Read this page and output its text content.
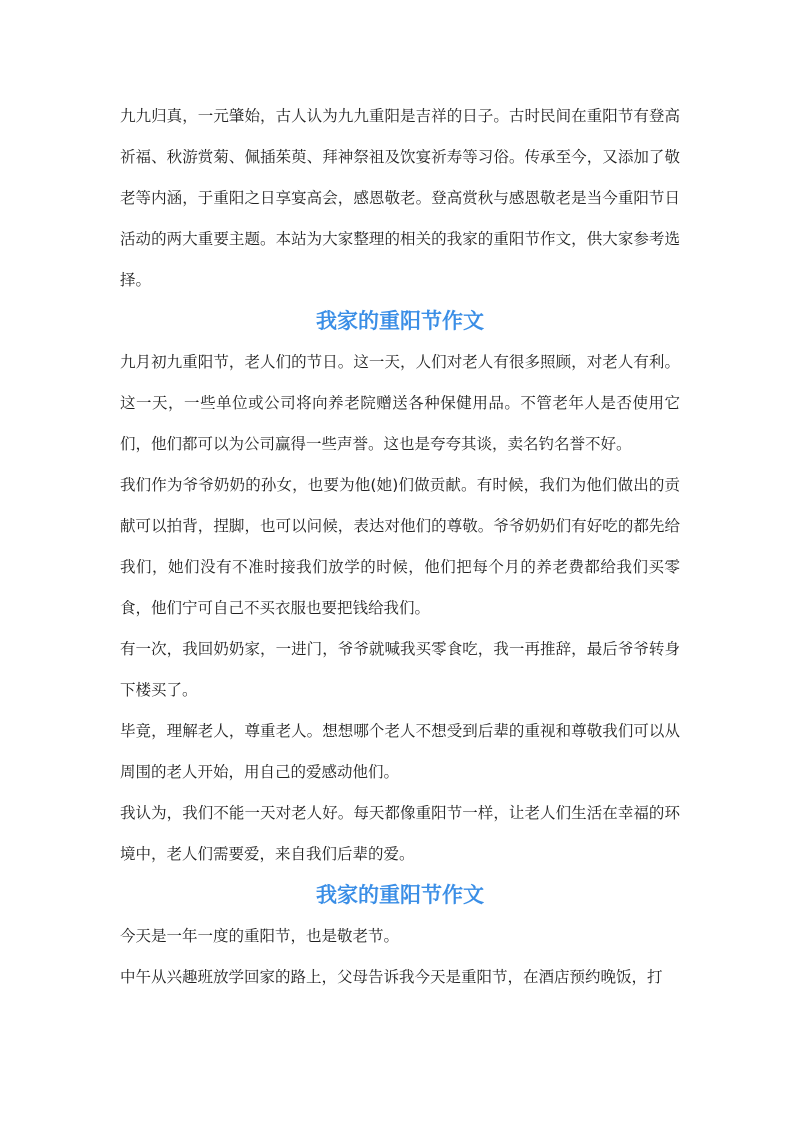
九九归真，一元肇始，古人认为九九重阳是吉祥的日子。古时民间在重阳节有登高祈福、秋游赏菊、佩插茱萸、拜神祭祖及饮宴祈寿等习俗。传承至今，又添加了敬老等内涵，于重阳之日享宴高会，感恩敬老。登高赏秋与感恩敬老是当今重阳节日活动的两大重要主题。本站为大家整理的相关的我家的重阳节作文，供大家参考选择。

我家的重阳节作文

九月初九重阳节，老人们的节日。这一天，人们对老人有很多照顾，对老人有利。这一天，一些单位或公司将向养老院赠送各种保健用品。不管老年人是否使用它们，他们都可以为公司赢得一些声誉。这也是夸夸其谈，卖名钓名誉不好。

我们作为爷爷奶奶的孙女，也要为他(她)们做贡献。有时候，我们为他们做出的贡献可以拍背，捏脚，也可以问候，表达对他们的尊敬。爷爷奶奶们有好吃的都先给我们，她们没有不准时接我们放学的时候，他们把每个月的养老费都给我们买零食，他们宁可自己不买衣服也要把钱给我们。

有一次，我回奶奶家，一进门，爷爷就喊我买零食吃，我一再推辞，最后爷爷转身下楼买了。

毕竟，理解老人，尊重老人。想想哪个老人不想受到后辈的重视和尊敬我们可以从周围的老人开始，用自己的爱感动他们。

我认为，我们不能一天对老人好。每天都像重阳节一样，让老人们生活在幸福的环境中，老人们需要爱，来自我们后辈的爱。

我家的重阳节作文

今天是一年一度的重阳节，也是敬老节。

中午从兴趣班放学回家的路上，父母告诉我今天是重阳节，在酒店预约晚饭，打
